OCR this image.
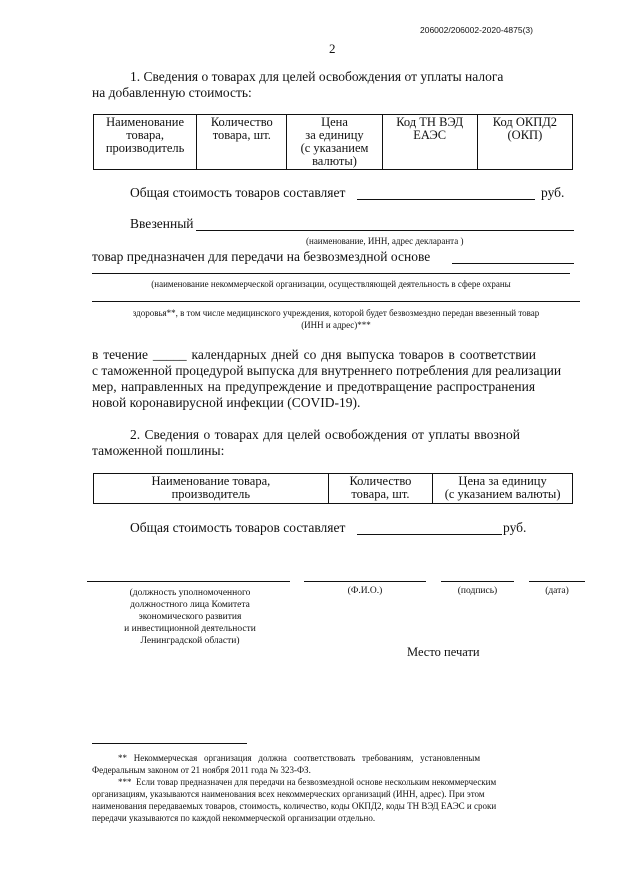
206002/206002-2020-4875(3)
2
1. Сведения о товарах для целей освобождения от уплаты налога
на добавленную стоимость:
Наименование
товара,
производитель

Количество
товара, шт.

Цена
за единицу
(с указанием
валюты)

Код ТН ВЭД
ЕАЭС

Код ОКПД2
(ОКП)
Общая стоимость товаров составляет	руб.
Ввезенный
(наименование, ИНН, адрес декларанта )
товар предназначен для передачи на безвозмездной основе
(наименование некоммерческой организации, осуществляющей деятельность в сфере охраны
здоровья**, в том числе медицинского учреждения, которой будет безвозмездно передан ввезенный товар
(ИНН и адрес)***
в течение _____ календарных дней со дня выпуска товаров в соответствии
с таможенной процедурой выпуска для внутреннего потребления для реализации
мер, направленных на предупреждение и предотвращение распространения
новой коронавирусной инфекции (COVID-19).
2. Сведения о товарах для целей освобождения от уплаты ввозной
таможенной пошлины:
Наименование товара,
производитель

Количество
товара, шт.

Цена за единицу
(с указанием валюты)
Общая стоимость товаров составляет	руб.
(должность уполномоченного
должностного лица Комитета
экономического развития
и инвестиционной деятельности
Ленинградской области)
(Ф.И.О.)	(подпись)	(дата)
Место печати
**   Некоммерческая   организация   должна   соответствовать   требованиям,   установленным
Федеральным законом от 21 ноября 2011 года № 323-ФЗ.
***  Если товар предназначен для передачи на безвозмездной основе нескольким некоммерческим
организациям, указываются наименования всех некоммерческих организаций (ИНН, адрес). При этом
наименования передаваемых товаров, стоимость, количество, коды ОКПД2, коды ТН ВЭД ЕАЭС и сроки
передачи указываются по каждой некоммерческой организации отдельно.
